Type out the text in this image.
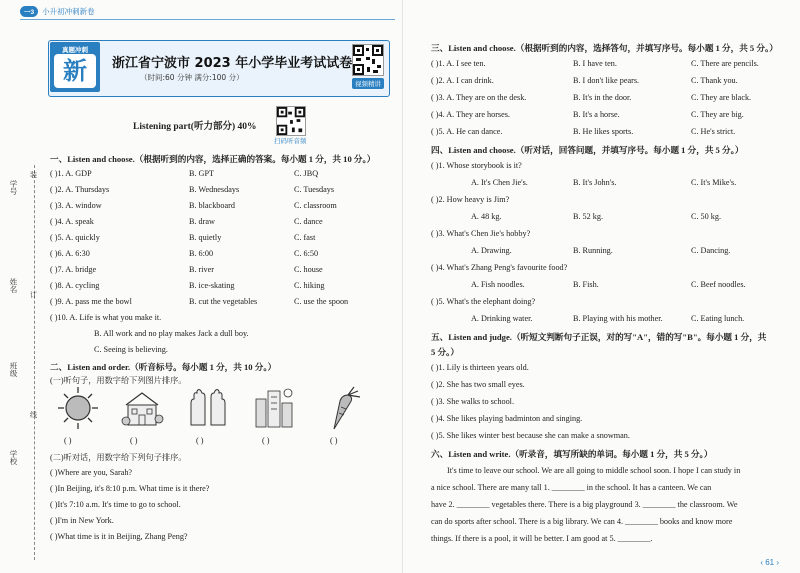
一3	小升初冲刺新卷
学号
姓名
班级
学校
装
订
线
真题冲刺
新	浙江省宁波市 2023 年小学毕业考试试卷
（时间:60 分钟 满分:100 分）
视频精讲
Listening part(听力部分) 40%
扫码听音频
一、Listen and choose.（根据听到的内容，选择正确的答案。每小题 1 分，共 10 分。）
( )1. A. GDP	B. GPT	C. JBQ
( )2. A. Thursdays	B. Wednesdays	C. Tuesdays
( )3. A. window	B. blackboard	C. classroom
( )4. A. speak	B. draw	C. dance
( )5. A. quickly	B. quietly	C. fast
( )6. A. 6:30	B. 6:00	C. 6:50
( )7. A. bridge	B. river	C. house
( )8. A. cycling	B. ice-skating	C. hiking
( )9. A. pass me the bowl	B. cut the vegetables	C. use the spoon
( )10. A. Life is what you make it.
B. All work and no play makes Jack a dull boy.
C. Seeing is believing.
二、Listen and order.（听音标号。每小题 1 分，共 10 分。）
(一)听句子，用数字给下列图片排序。
( )	( )	( )	( )	( )
(二)听对话，用数字给下列句子排序。
( )Where are you, Sarah?
( )In Beijing, it's 8:10 p.m. What time is it there?
( )It's 7:10 a.m. It's time to go to school.
( )I'm in New York.
( )What time is it in Beijing, Zhang Peng?
三、Listen and choose.（根据听到的内容，选择答句，并填写序号。每小题 1 分，共 5 分。）
( )1. A. I see ten.	B. I have ten.	C. There are pencils.
( )2. A. I can drink.	B. I don't like pears.	C. Thank you.
( )3. A. They are on the desk.	B. It's in the door.	C. They are black.
( )4. A. They are horses.	B. It's a horse.	C. They are big.
( )5. A. He can dance.	B. He likes sports.	C. He's strict.
四、Listen and choose.（听对话，回答问题，并填写序号。每小题 1 分，共 5 分。）
( )1. Whose storybook is it?
A. It's Chen Jie's.	B. It's John's.	C. It's Mike's.
( )2. How heavy is Jim?
A. 48 kg.	B. 52 kg.	C. 50 kg.
( )3. What's Chen Jie's hobby?
A. Drawing.	B. Running.	C. Dancing.
( )4. What's Zhang Peng's favourite food?
A. Fish noodles.	B. Fish.	C. Beef noodles.
( )5. What's the elephant doing?
A. Drinking water.	B. Playing with his mother.	C. Eating lunch.
五、Listen and judge.（听短文判断句子正误，对的写"A"，错的写"B"。每小题 1 分，共
5 分。）
( )1. Lily is thirteen years old.
( )2. She has two small eyes.
( )3. She walks to school.
( )4. She likes playing badminton and singing.
( )5. She likes winter best because she can make a snowman.
六、Listen and write.（听录音，填写所缺的单词。每小题 1 分，共 5 分。）
It's time to leave our school. We are all going to middle school soon. I hope I can study in
a nice school. There are many tall 1. ________ in the school. It has a canteen. We can
have 2. ________ vegetables there. There is a big playground 3. ________ the classroom. We
can do sports after school. There is a big library. We can 4. ________ books and know more
things. If there is a pool, it will be better. I am good at 5. ________.
‹ 61 ›
